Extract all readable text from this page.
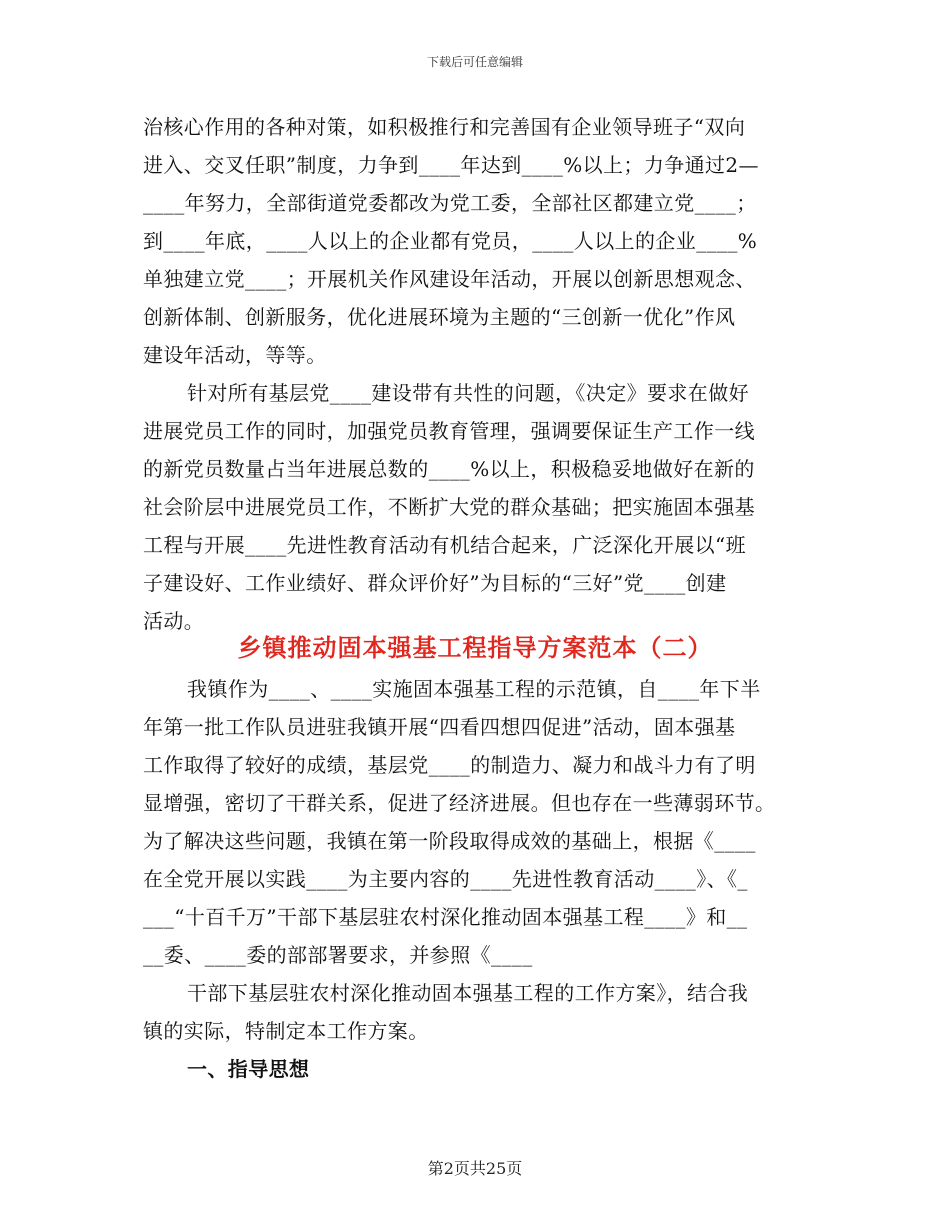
下载后可任意编辑
治核心作用的各种对策，如积极推行和完善国有企业领导班子“双向
进入、交叉任职”制度，力争到____年达到____%以上；力争通过2—
____年努力，全部街道党委都改为党工委，全部社区都建立党____；
到____年底，____人以上的企业都有党员，____人以上的企业____%
单独建立党____；开展机关作风建设年活动，开展以创新思想观念、
创新体制、创新服务，优化进展环境为主题的“三创新一优化”作风
建设年活动，等等。
针对所有基层党____建设带有共性的问题，《决定》要求在做好
进展党员工作的同时，加强党员教育管理，强调要保证生产工作一线
的新党员数量占当年进展总数的____%以上，积极稳妥地做好在新的
社会阶层中进展党员工作，不断扩大党的群众基础；把实施固本强基
工程与开展____先进性教育活动有机结合起来，广泛深化开展以“班
子建设好、工作业绩好、群众评价好”为目标的“三好”党____创建
活动。
乡镇推动固本强基工程指导方案范本（二）
我镇作为____、____实施固本强基工程的示范镇，自____年下半
年第一批工作队员进驻我镇开展“四看四想四促进”活动，固本强基
工作取得了较好的成绩，基层党____的制造力、凝力和战斗力有了明
显增强，密切了干群关系，促进了经济进展。但也存在一些薄弱环节。
为了解决这些问题，我镇在第一阶段取得成效的基础上，根据《____
在全党开展以实践____为主要内容的____先进性教育活动____》、《_
___“十百千万”干部下基层驻农村深化推动固本强基工程____》和__
__委、____委的部部署要求，并参照《____
干部下基层驻农村深化推动固本强基工程的工作方案》，结合我
镇的实际，特制定本工作方案。
一、指导思想
第2页共25页
